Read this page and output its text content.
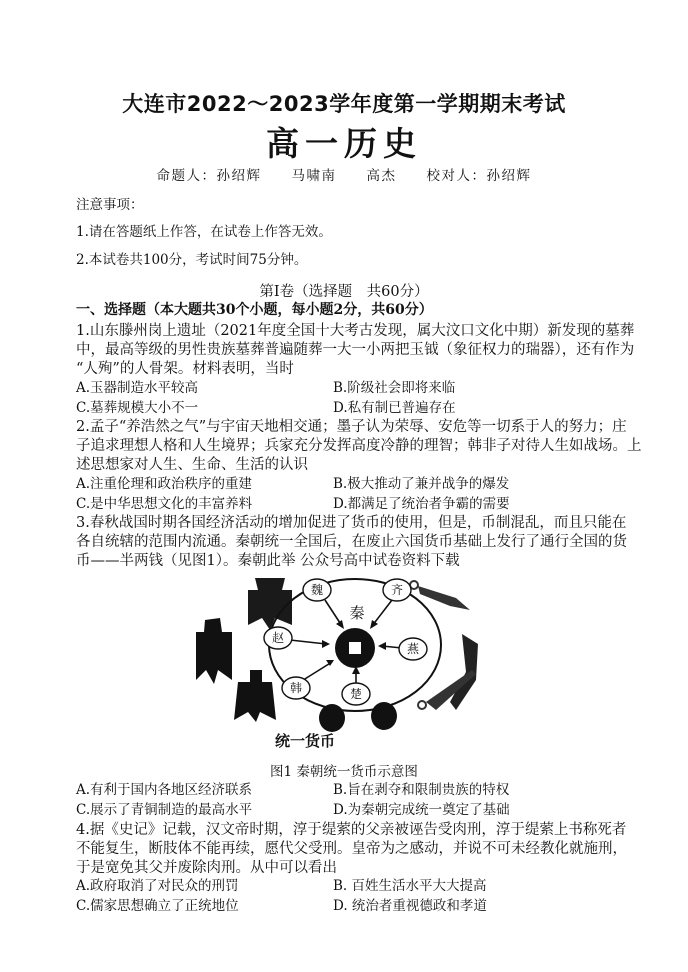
大连市2022～2023学年度第一学期期末考试
高一历史
命题人：孙绍辉　　马啸南　　高杰　　校对人：孙绍辉
注意事项：
1.请在答题纸上作答，在试卷上作答无效。
2.本试卷共100分，考试时间75分钟。
第Ⅰ卷（选择题　共60分）
一、选择题（本大题共30个小题，每小题2分，共60分）
1.山东滕州岗上遗址（2021年度全国十大考古发现，属大汶口文化中期）新发现的墓葬
中，最高等级的男性贵族墓葬普遍随葬一大一小两把玉钺（象征权力的瑞器），还有作为
“人殉”的人骨架。材料表明，当时
A.玉器制造水平较高	B.阶级社会即将来临
C.墓葬规模大小不一	D.私有制已普遍存在
2.孟子“养浩然之气”与宇宙天地相交通；墨子认为荣辱、安危等一切系于人的努力；庄
子追求理想人格和人生境界；兵家充分发挥高度冷静的理智；韩非子对待人生如战场。上
述思想家对人生、生命、生活的认识
A.注重伦理和政治秩序的重建	B.极大推动了兼并战争的爆发
C.是中华思想文化的丰富养料	D.都满足了统治者争霸的需要
3.春秋战国时期各国经济活动的增加促进了货币的使用，但是，币制混乱，而且只能在
各自统辖的范围内流通。秦朝统一全国后，在废止六国货币基础上发行了通行全国的货
币——半两钱（见图1）。秦朝此举 公众号高中试卷资料下载
魏	齐
燕
楚
韩
赵
秦
统一货币
图1 秦朝统一货币示意图
A.有利于国内各地区经济联系	B.旨在剥夺和限制贵族的特权
C.展示了青铜制造的最高水平	D.为秦朝完成统一奠定了基础
4.据《史记》记载，汉文帝时期，淳于缇萦的父亲被诬告受肉刑，淳于缇萦上书称死者
不能复生，断肢体不能再续，愿代父受刑。皇帝为之感动，并说不可未经教化就施刑，
于是宽免其父并废除肉刑。从中可以看出
A.政府取消了对民众的刑罚	B. 百姓生活水平大大提高
C.儒家思想确立了正统地位	D. 统治者重视德政和孝道
